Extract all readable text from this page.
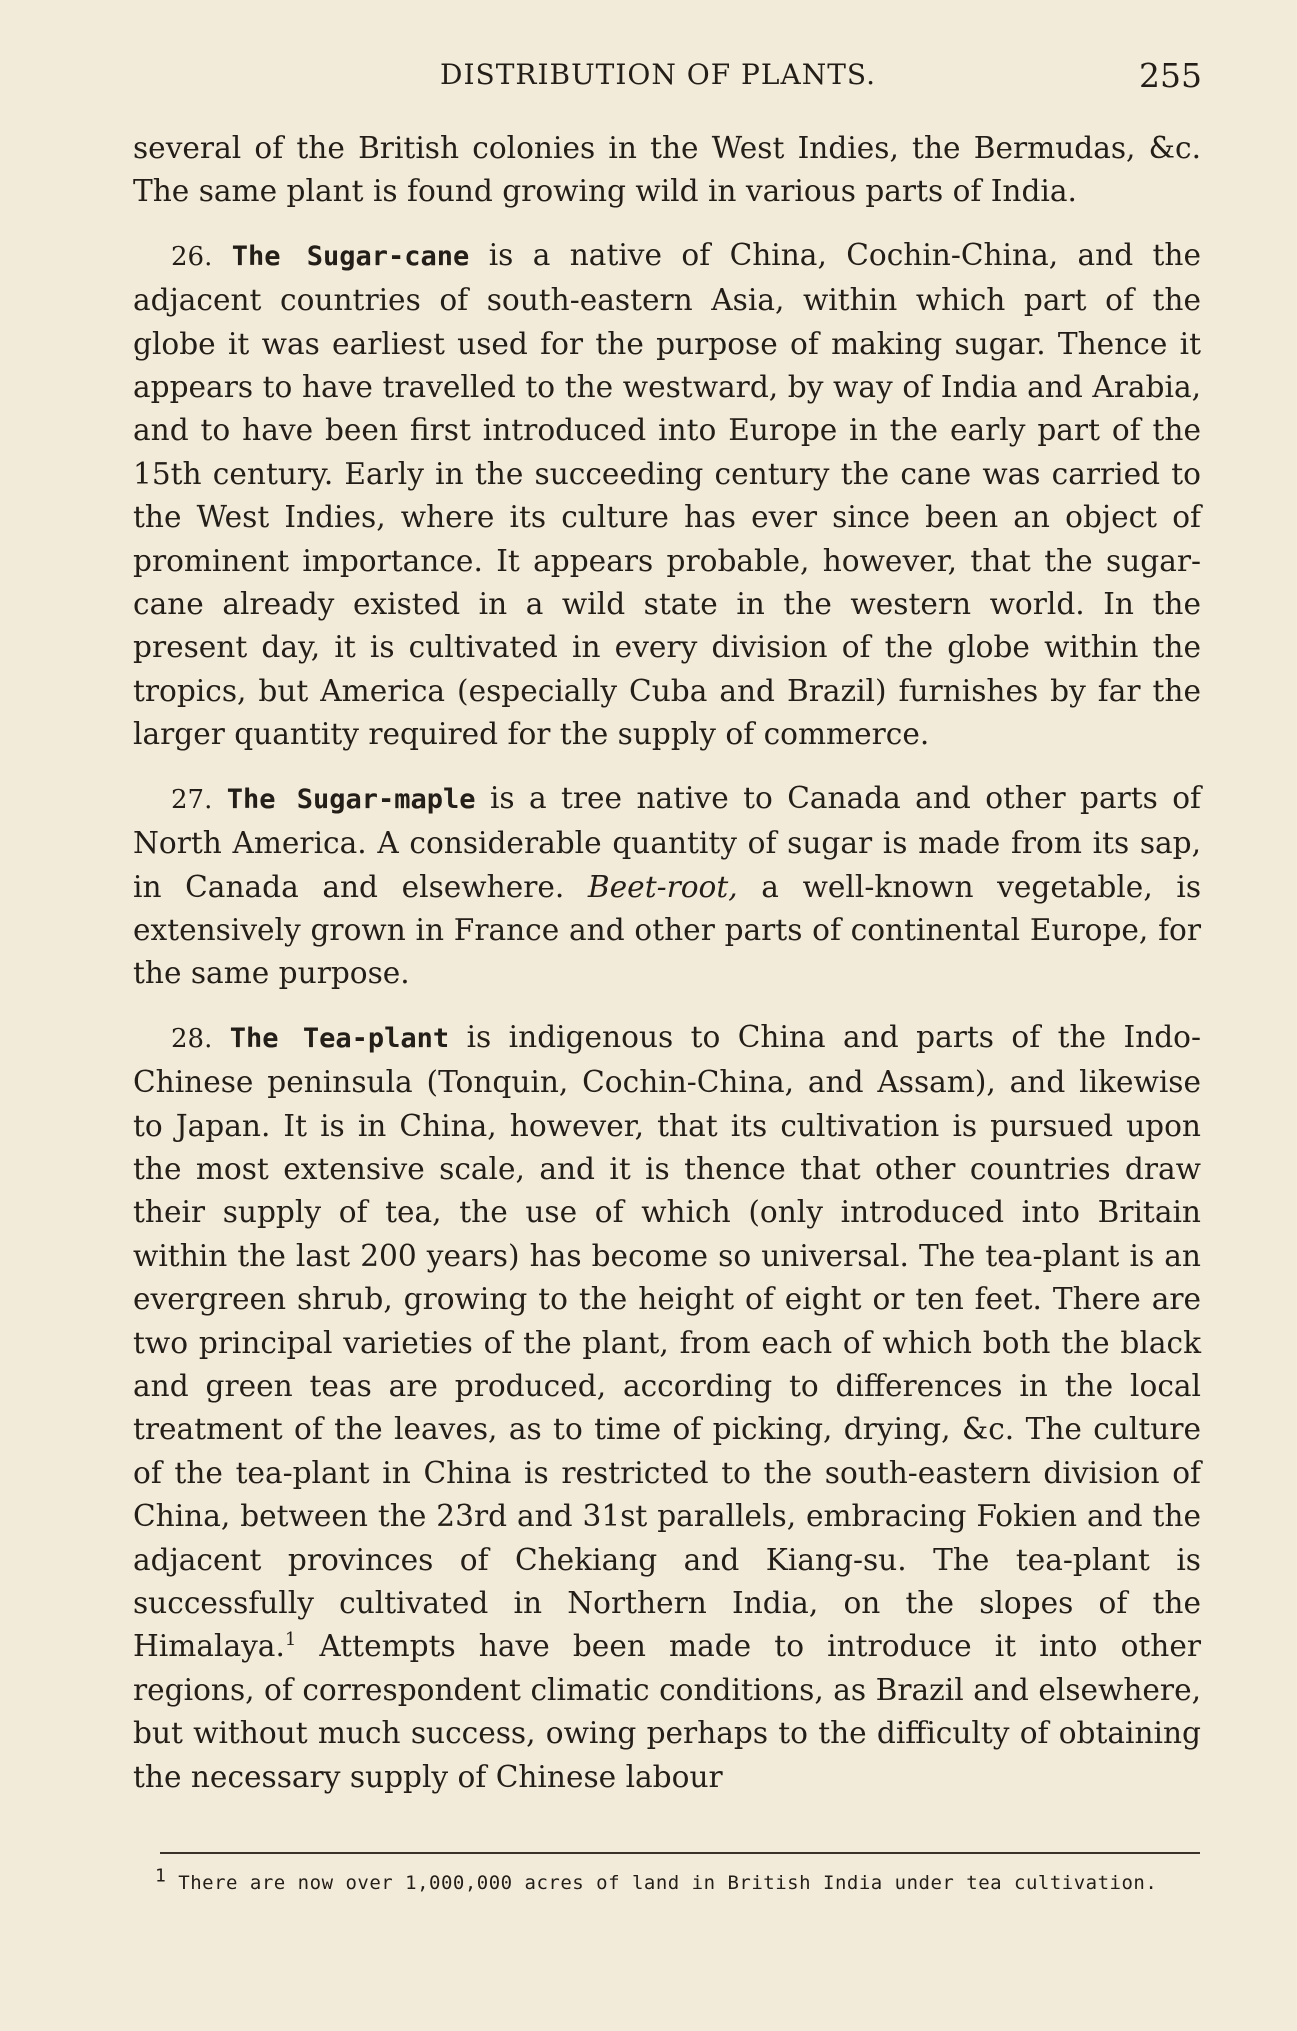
DISTRIBUTION OF PLANTS.	255

several of the British colonies in the West Indies, the Bermudas, &c. The same plant is found growing wild in various parts of India.

26. The Sugar-cane is a native of China, Cochin-China, and the adjacent countries of south-eastern Asia, within which part of the globe it was earliest used for the purpose of making sugar. Thence it appears to have travelled to the westward, by way of India and Arabia, and to have been first introduced into Europe in the early part of the 15th century. Early in the succeeding century the cane was carried to the West Indies, where its culture has ever since been an object of prominent importance. It appears probable, however, that the sugar-cane already existed in a wild state in the western world. In the present day, it is cultivated in every division of the globe within the tropics, but America (especially Cuba and Brazil) furnishes by far the larger quantity required for the supply of commerce.

27. The Sugar-maple is a tree native to Canada and other parts of North America. A considerable quantity of sugar is made from its sap, in Canada and elsewhere. Beet-root, a well-known vegetable, is extensively grown in France and other parts of continental Europe, for the same purpose.

28. The Tea-plant is indigenous to China and parts of the Indo-Chinese peninsula (Tonquin, Cochin-China, and Assam), and likewise to Japan. It is in China, however, that its cultivation is pursued upon the most extensive scale, and it is thence that other countries draw their supply of tea, the use of which (only introduced into Britain within the last 200 years) has become so universal. The tea-plant is an evergreen shrub, growing to the height of eight or ten feet. There are two principal varieties of the plant, from each of which both the black and green teas are produced, according to differences in the local treatment of the leaves, as to time of picking, drying, &c. The culture of the tea-plant in China is restricted to the south-eastern division of China, between the 23rd and 31st parallels, embracing Fokien and the adjacent provinces of Chekiang and Kiang-su. The tea-plant is successfully cultivated in Northern India, on the slopes of the Himalaya.$^1$ Attempts have been made to introduce it into other regions, of correspondent climatic conditions, as Brazil and elsewhere, but without much success, owing perhaps to the difficulty of obtaining the necessary supply of Chinese labour

1 There are now over 1,000,000 acres of land in British India under tea cultivation.
